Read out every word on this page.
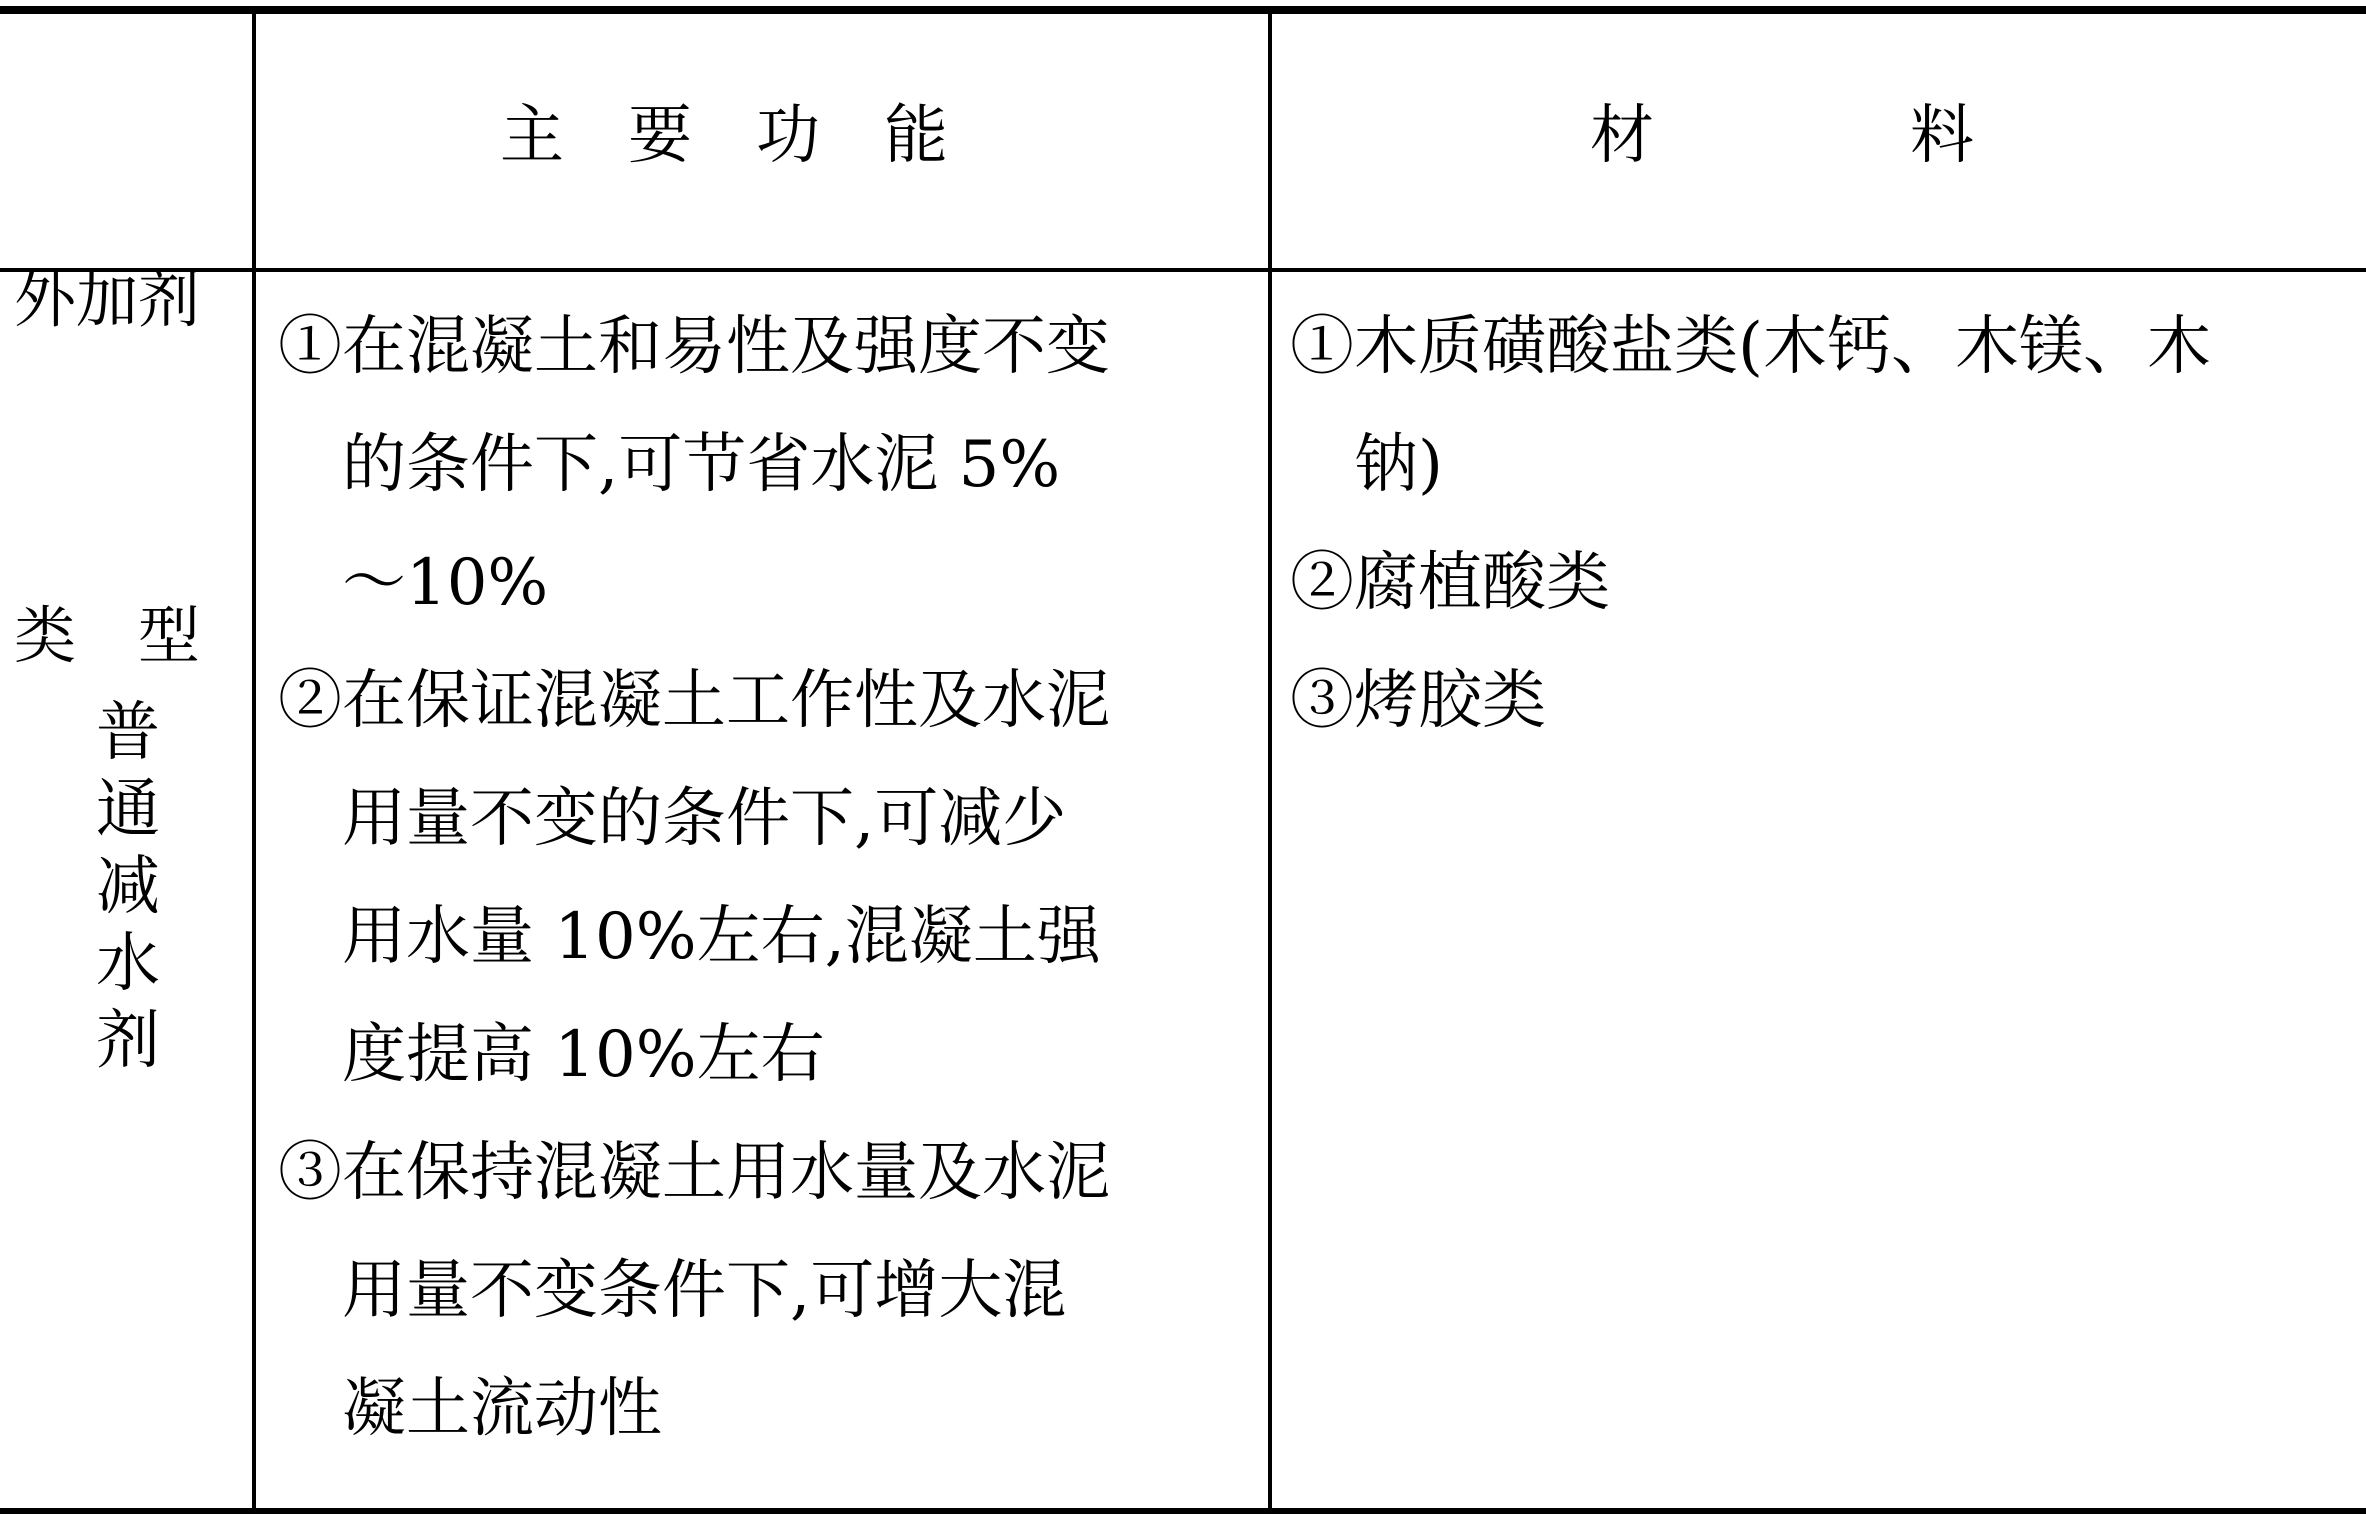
外加剂

类　型

主　要　功　能	材　　　　料
普通减水剂
①在混凝土和易性及强度不变
　的条件下,可节省水泥 5%
　～10%
②在保证混凝土工作性及水泥
　用量不变的条件下,可减少
　用水量 10%左右,混凝土强
　度提高 10%左右
③在保持混凝土用水量及水泥
　用量不变条件下,可增大混
　凝土流动性
①木质磺酸盐类(木钙、木镁、木
　钠)
②腐植酸类
③烤胶类
